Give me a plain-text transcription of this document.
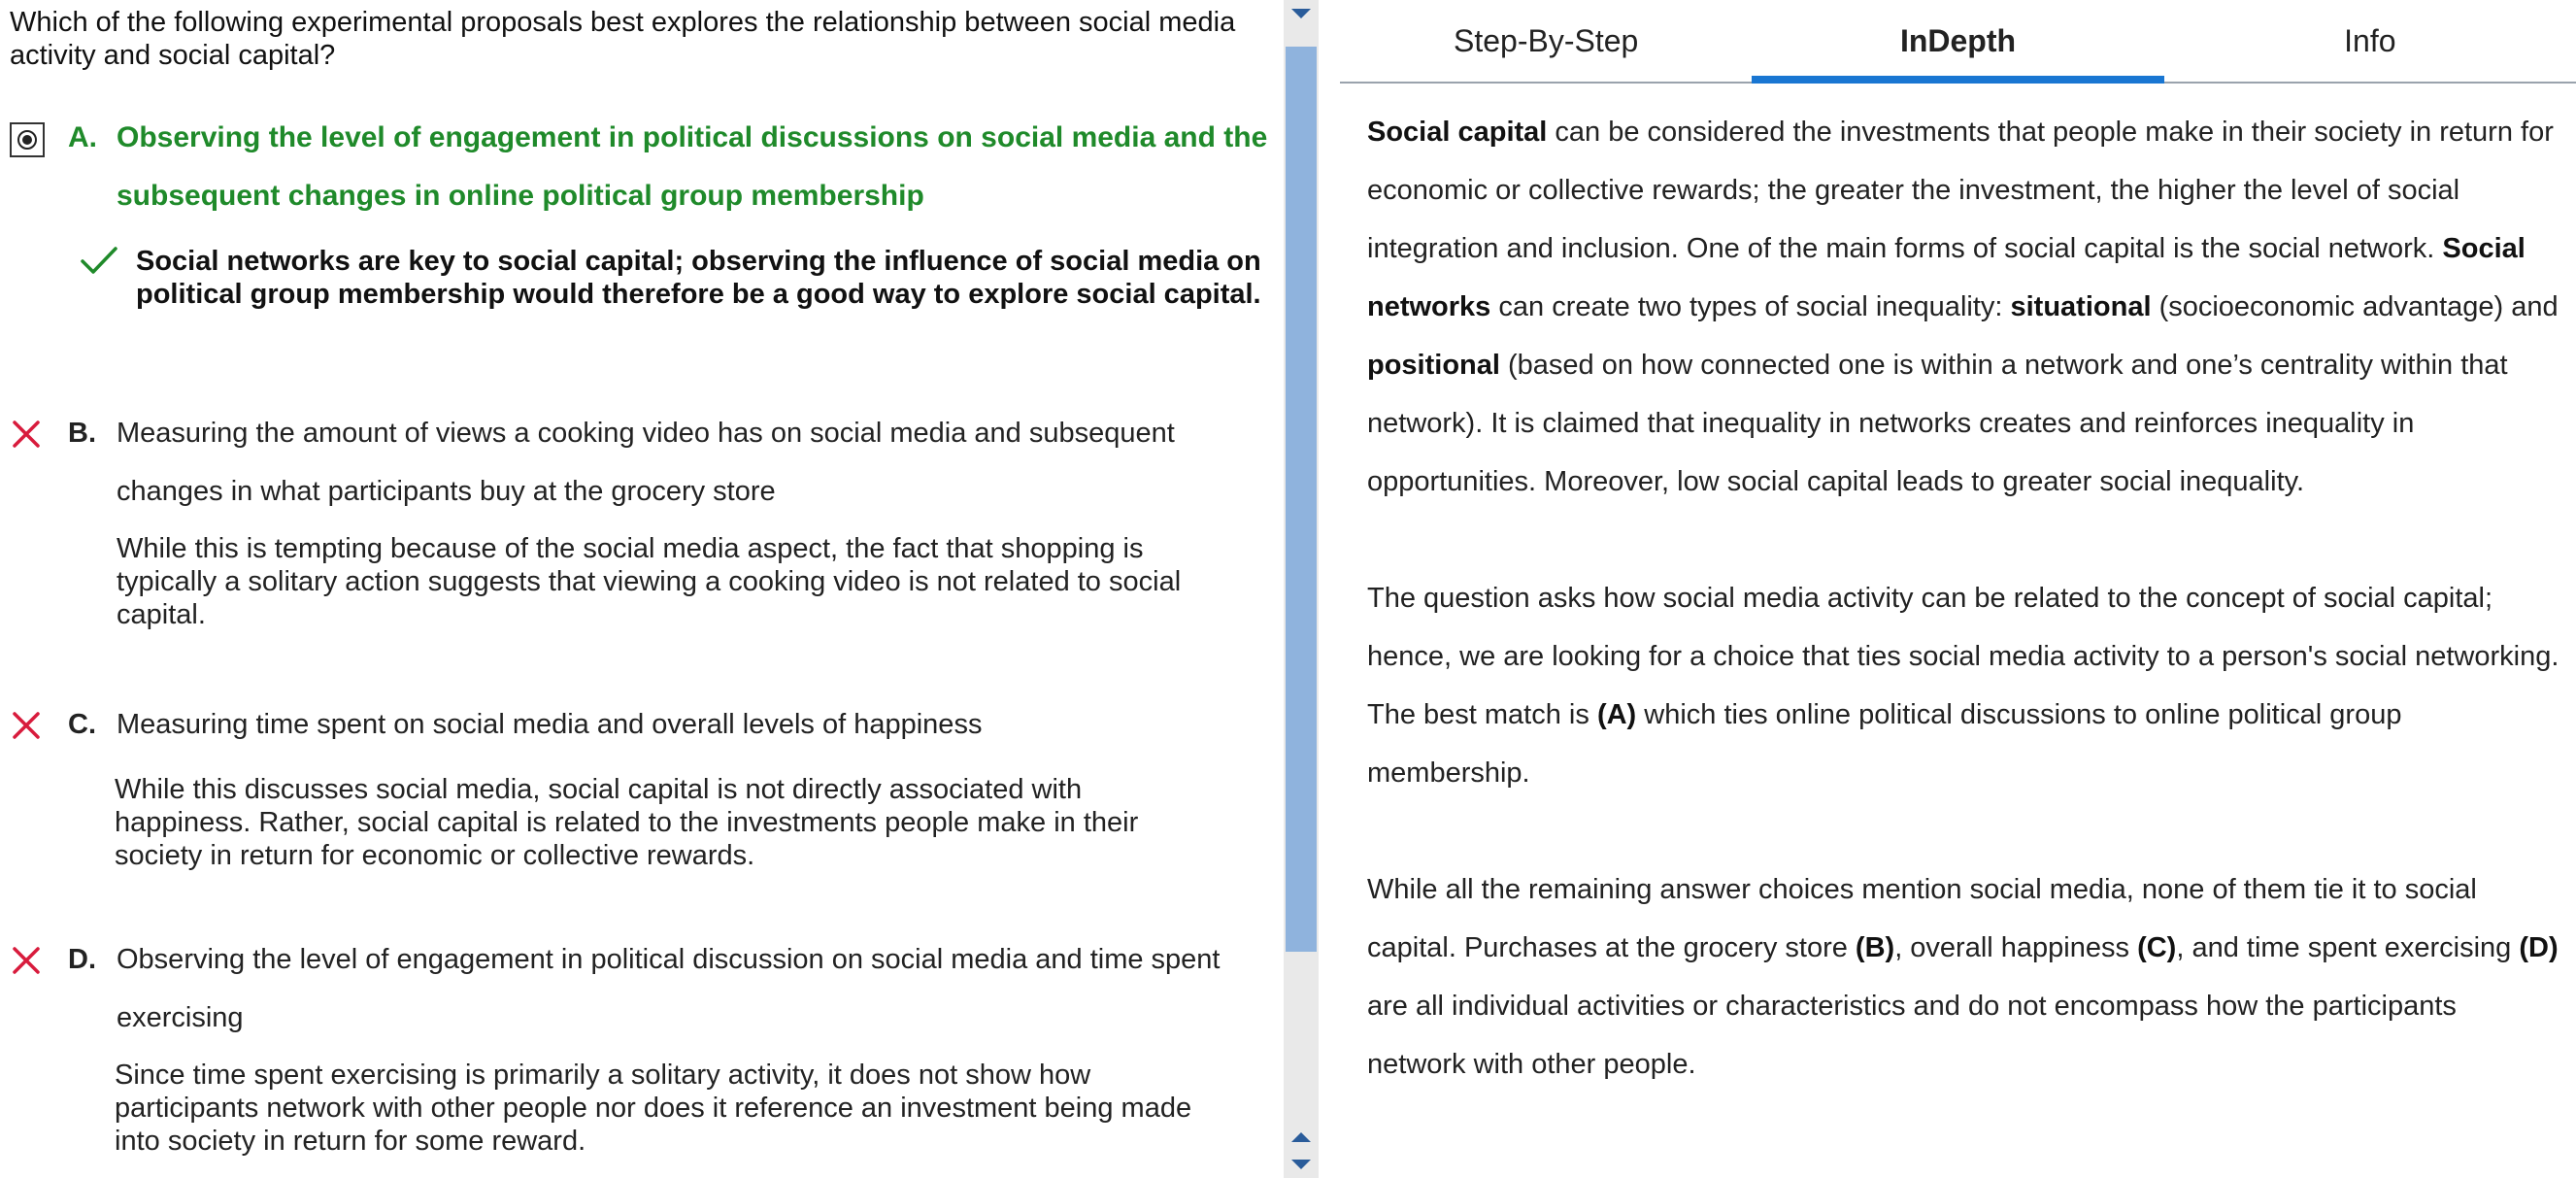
Which of the following experimental proposals best explores the relationship between social media activity and social capital?

A. Observing the level of engagement in political discussions on social media and the subsequent changes in online political group membership
Social networks are key to social capital; observing the influence of social media on political group membership would therefore be a good way to explore social capital.
B. Measuring the amount of views a cooking video has on social media and subsequent changes in what participants buy at the grocery store
While this is tempting because of the social media aspect, the fact that shopping is typically a solitary action suggests that viewing a cooking video is not related to social capital.
C. Measuring time spent on social media and overall levels of happiness
While this discusses social media, social capital is not directly associated with happiness. Rather, social capital is related to the investments people make in their society in return for economic or collective rewards.
D. Observing the level of engagement in political discussion on social media and time spent exercising
Since time spent exercising is primarily a solitary activity, it does not show how participants network with other people nor does it reference an investment being made into society in return for some reward.
Step-By-Step	InDepth	Info

Social capital can be considered the investments that people make in their society in return for economic or collective rewards; the greater the investment, the higher the level of social integration and inclusion. One of the main forms of social capital is the social network. Social networks can create two types of social inequality: situational (socioeconomic advantage) and positional (based on how connected one is within a network and one’s centrality within that network). It is claimed that inequality in networks creates and reinforces inequality in opportunities. Moreover, low social capital leads to greater social inequality.

The question asks how social media activity can be related to the concept of social capital; hence, we are looking for a choice that ties social media activity to a person's social networking. The best match is (A) which ties online political discussions to online political group membership.

While all the remaining answer choices mention social media, none of them tie it to social capital. Purchases at the grocery store (B), overall happiness (C), and time spent exercising (D) are all individual activities or characteristics and do not encompass how the participants network with other people.
